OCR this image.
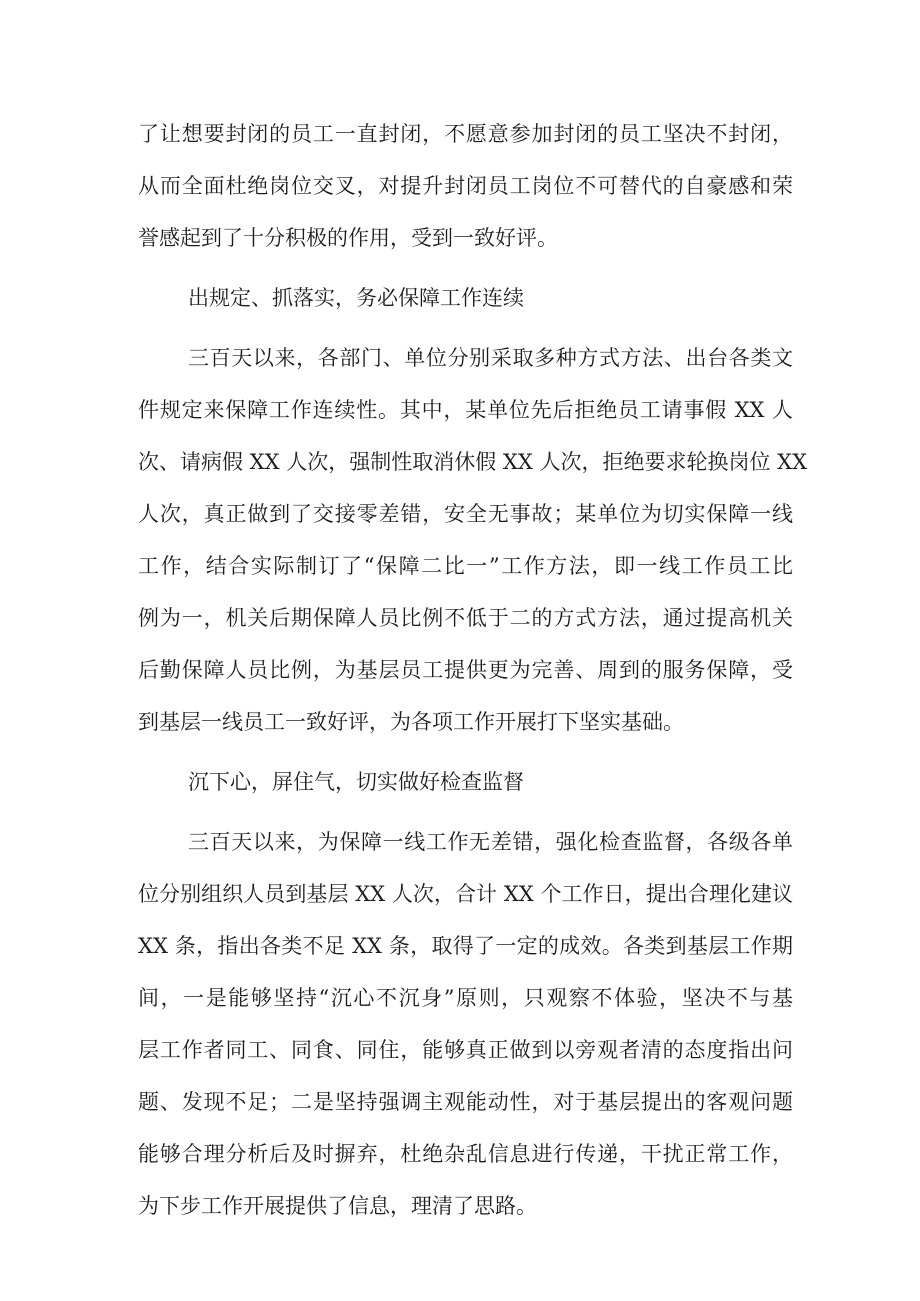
了让想要封闭的员工一直封闭，不愿意参加封闭的员工坚决不封闭，
从而全面杜绝岗位交叉，对提升封闭员工岗位不可替代的自豪感和荣
誉感起到了十分积极的作用，受到一致好评。
出规定、抓落实，务必保障工作连续
三百天以来，各部门、单位分别采取多种方式方法、出台各类文
件规定来保障工作连续性。其中，某单位先后拒绝员工请事假 XX 人
次、请病假 XX 人次，强制性取消休假 XX 人次，拒绝要求轮换岗位 XX
人次，真正做到了交接零差错，安全无事故；某单位为切实保障一线
工作，结合实际制订了“保障二比一”工作方法，即一线工作员工比
例为一，机关后期保障人员比例不低于二的方式方法，通过提高机关
后勤保障人员比例，为基层员工提供更为完善、周到的服务保障，受
到基层一线员工一致好评，为各项工作开展打下坚实基础。
沉下心，屏住气，切实做好检查监督
三百天以来，为保障一线工作无差错，强化检查监督，各级各单
位分别组织人员到基层 XX 人次，合计 XX 个工作日，提出合理化建议
XX 条，指出各类不足 XX 条，取得了一定的成效。各类到基层工作期
间，一是能够坚持“沉心不沉身”原则，只观察不体验，坚决不与基
层工作者同工、同食、同住，能够真正做到以旁观者清的态度指出问
题、发现不足；二是坚持强调主观能动性，对于基层提出的客观问题
能够合理分析后及时摒弃，杜绝杂乱信息进行传递，干扰正常工作，
为下步工作开展提供了信息，理清了思路。
